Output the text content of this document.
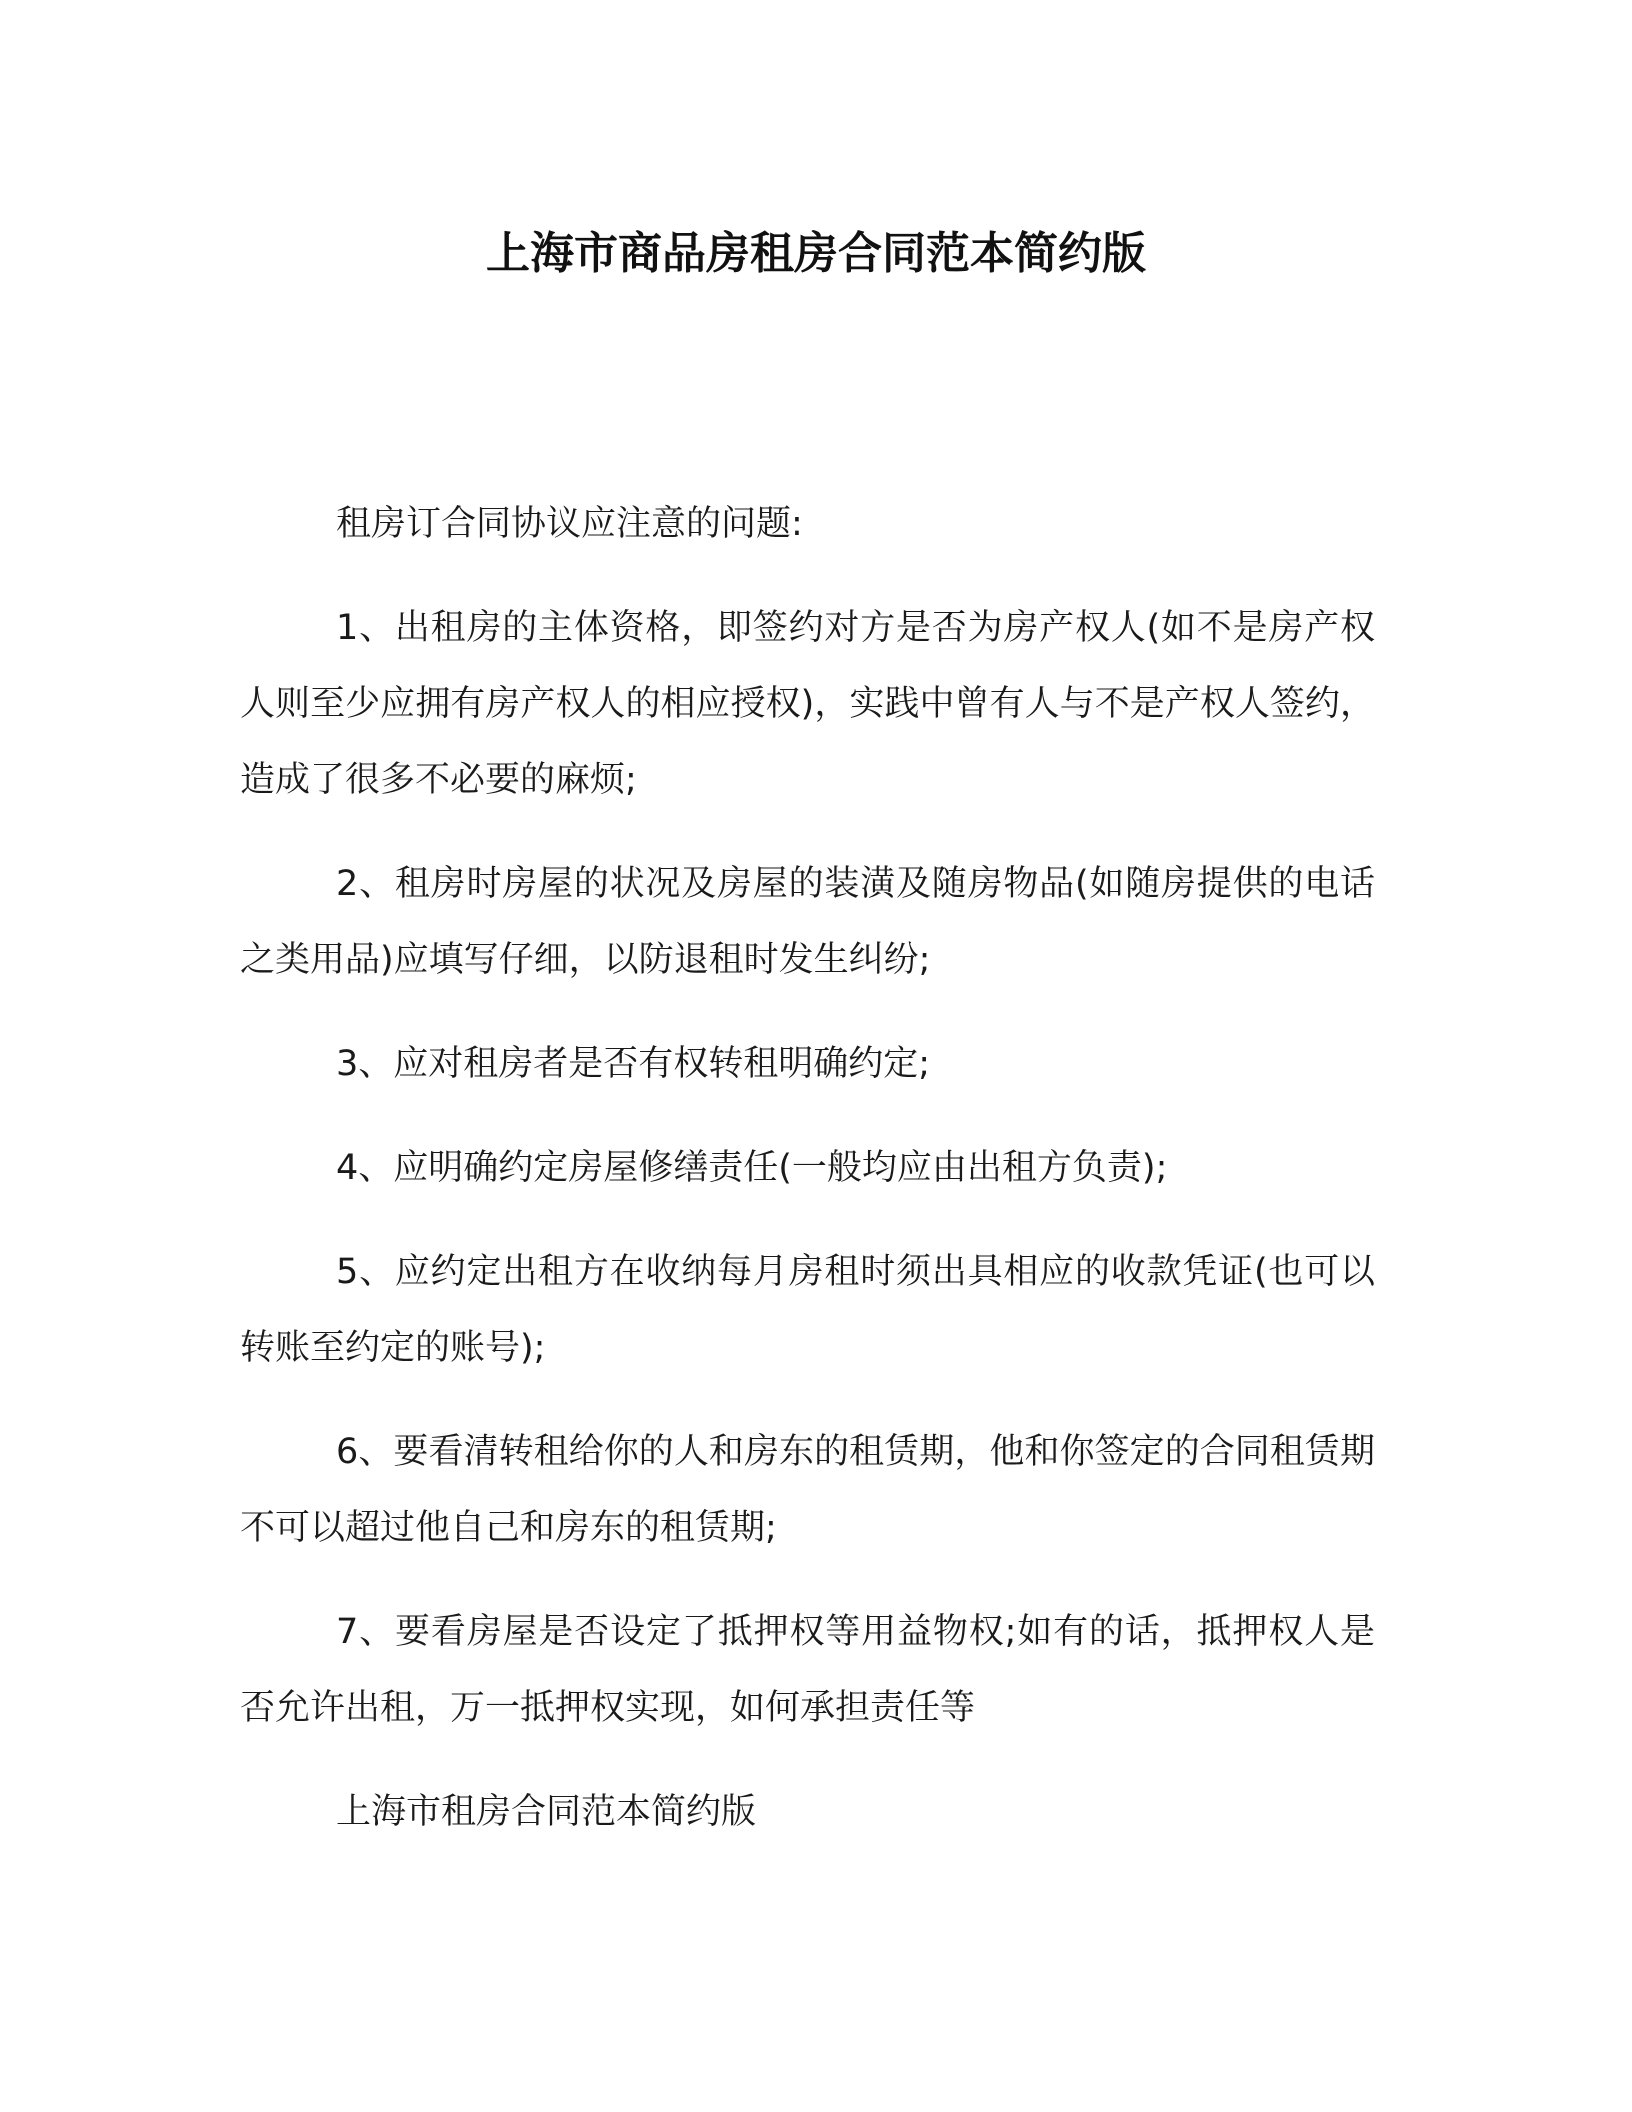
上海市商品房租房合同范本简约版

租房订合同协议应注意的问题:

1、出租房的主体资格，即签约对方是否为房产权人(如不是房产权人则至少应拥有房产权人的相应授权)，实践中曾有人与不是产权人签约，造成了很多不必要的麻烦;

2、租房时房屋的状况及房屋的装潢及随房物品(如随房提供的电话之类用品)应填写仔细，以防退租时发生纠纷;

3、应对租房者是否有权转租明确约定;

4、应明确约定房屋修缮责任(一般均应由出租方负责);

5、应约定出租方在收纳每月房租时须出具相应的收款凭证(也可以转账至约定的账号);

6、要看清转租给你的人和房东的租赁期，他和你签定的合同租赁期不可以超过他自己和房东的租赁期;

7、要看房屋是否设定了抵押权等用益物权;如有的话，抵押权人是否允许出租，万一抵押权实现，如何承担责任等

上海市租房合同范本简约版
